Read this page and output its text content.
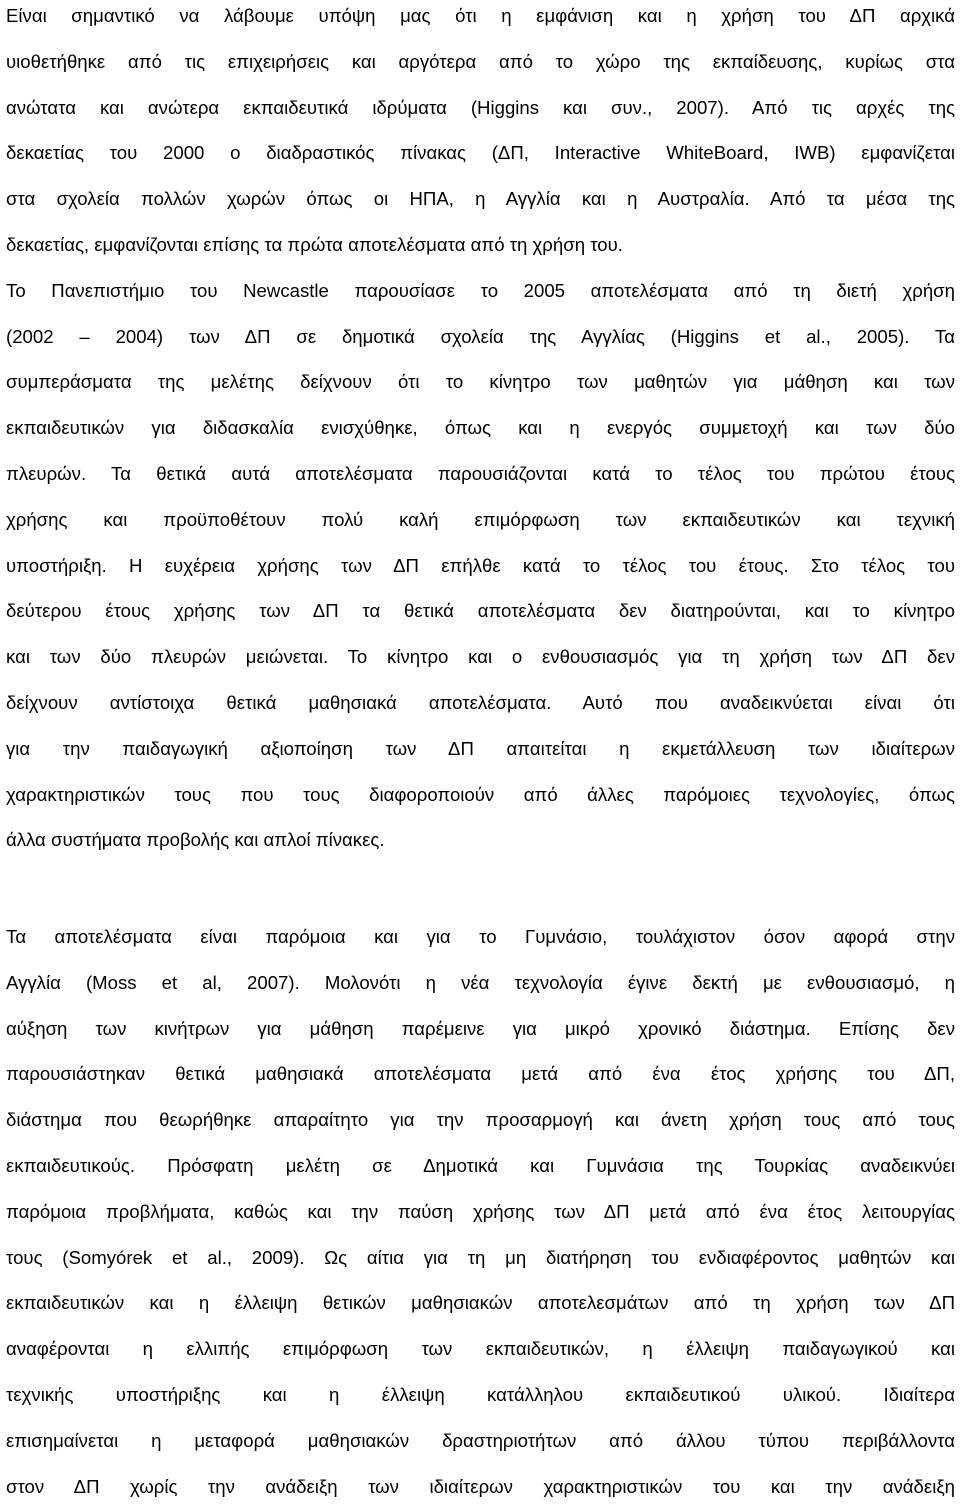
Είναι σημαντικό να λάβουμε υπόψη μας ότι η εμφάνιση και η χρήση του ΔΠ αρχικά
υιοθετήθηκε από τις επιχειρήσεις και αργότερα από το χώρο της εκπαίδευσης, κυρίως στα
ανώτατα και ανώτερα εκπαιδευτικά ιδρύματα (Higgins και συν., 2007). Από τις αρχές της
δεκαετίας του 2000 ο διαδραστικός πίνακας (ΔΠ, Interactive WhiteBoard, IWB) εμφανίζεται
στα σχολεία πολλών χωρών όπως οι ΗΠΑ, η Αγγλία και η Αυστραλία. Από τα μέσα της
δεκαετίας, εμφανίζονται επίσης τα πρώτα αποτελέσματα από τη χρήση του.
Το Πανεπιστήμιο του Newcastle παρουσίασε το 2005 αποτελέσματα από τη διετή χρήση
(2002 – 2004) των ΔΠ σε δημοτικά σχολεία της Αγγλίας (Higgins et al., 2005). Τα
συμπεράσματα της μελέτης δείχνουν ότι το κίνητρο των μαθητών για μάθηση και των
εκπαιδευτικών για διδασκαλία ενισχύθηκε, όπως και η ενεργός συμμετοχή και των δύο
πλευρών. Τα θετικά αυτά αποτελέσματα παρουσιάζονται κατά το τέλος του πρώτου έτους
χρήσης και προϋποθέτουν πολύ καλή επιμόρφωση των εκπαιδευτικών και τεχνική
υποστήριξη. Η ευχέρεια χρήσης των ΔΠ επήλθε κατά το τέλος του έτους. Στο τέλος του
δεύτερου έτους χρήσης των ΔΠ τα θετικά αποτελέσματα δεν διατηρούνται, και το κίνητρο
και των δύο πλευρών μειώνεται. Το κίνητρο και ο ενθουσιασμός για τη χρήση των ΔΠ δεν
δείχνουν αντίστοιχα θετικά μαθησιακά αποτελέσματα. Αυτό που αναδεικνύεται είναι ότι
για την παιδαγωγική αξιοποίηση των ΔΠ απαιτείται η εκμετάλλευση των ιδιαίτερων
χαρακτηριστικών τους που τους διαφοροποιούν από άλλες παρόμοιες τεχνολογίες, όπως
άλλα συστήματα προβολής και απλοί πίνακες.
Τα αποτελέσματα είναι παρόμοια και για το Γυμνάσιο, τουλάχιστον όσον αφορά στην
Αγγλία (Moss et al, 2007). Μολονότι η νέα τεχνολογία έγινε δεκτή με ενθουσιασμό, η
αύξηση των κινήτρων για μάθηση παρέμεινε για μικρό χρονικό διάστημα. Επίσης δεν
παρουσιάστηκαν θετικά μαθησιακά αποτελέσματα μετά από ένα έτος χρήσης του ΔΠ,
διάστημα που θεωρήθηκε απαραίτητο για την προσαρμογή και άνετη χρήση τους από τους
εκπαιδευτικούς. Πρόσφατη μελέτη σε Δημοτικά και Γυμνάσια της Τουρκίας αναδεικνύει
παρόμοια προβλήματα, καθώς και την παύση χρήσης των ΔΠ μετά από ένα έτος λειτουργίας
τους (Somyórek et al., 2009). Ως αίτια για τη μη διατήρηση του ενδιαφέροντος μαθητών και
εκπαιδευτικών και η έλλειψη θετικών μαθησιακών αποτελεσμάτων από τη χρήση των ΔΠ
αναφέρονται η ελλιπής επιμόρφωση των εκπαιδευτικών, η έλλειψη παιδαγωγικού και
τεχνικής υποστήριξης και η έλλειψη κατάλληλου εκπαιδευτικού υλικού. Ιδιαίτερα
επισημαίνεται η μεταφορά μαθησιακών δραστηριοτήτων από άλλου τύπου περιβάλλοντα
στον ΔΠ χωρίς την ανάδειξη των ιδιαίτερων χαρακτηριστικών του και την ανάδειξη
